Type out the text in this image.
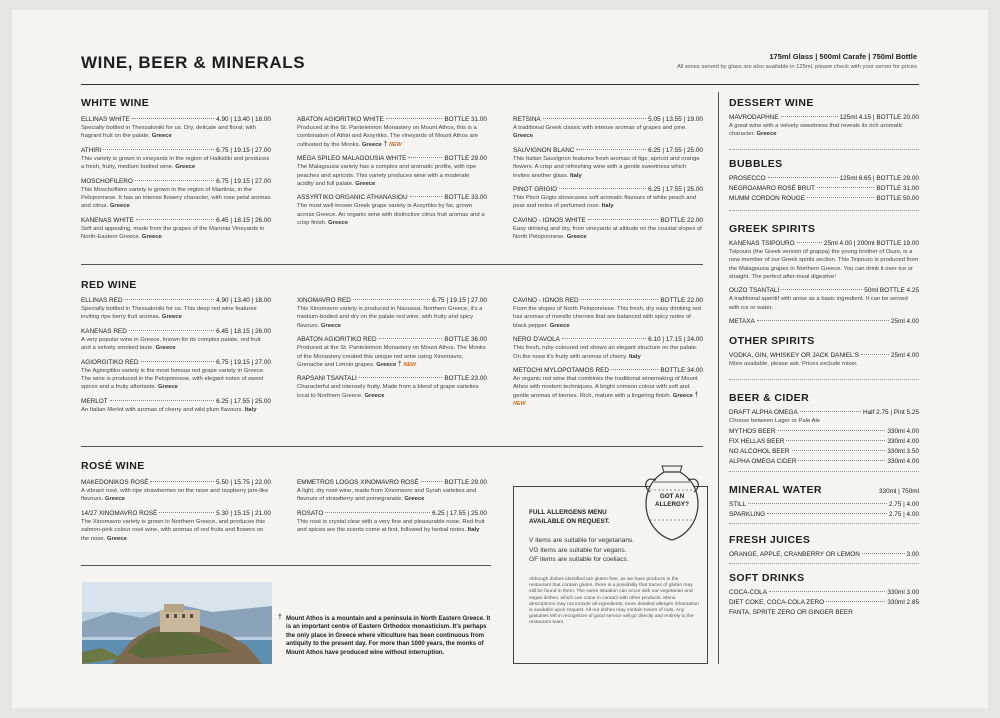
WINE, BEER & MINERALS	175ml Glass | 500ml Carafe | 750ml Bottle
All wines served by glass are also available in 125ml, please check with your server for prices
WHITE WINE
ELLINAS WHITE	4.90 | 13.40 | 18.00
Specially bottled in Thessaloniki for us. Dry, delicate and floral, with fragrant fruit on the palate. Greece
ATHIRI	6.75 | 19.15 | 27.00
This variety is grown in vineyards in the region of Halkidiki and produces a fresh, fruity, medium bodied wine. Greece
MOSCHOFILERO	6.75 | 19.15 | 27.00
This Moschofilero variety is grown in the region of Mantinia, in the Peloponnese. It has an intense flowery character, with rose petal aromas and citrus. Greece
KANENAS WHITE	6.45 | 18.15 | 26.00
Soft and appealing, made from the grapes of the Maronia Vineyards in North-Eastern Greece. Greece
ABATON AGIORITIKO WHITE	BOTTLE 31.00
Produced at the St. Panteleimon Monastery on Mount Athos, this is a combination of Athiri and Assyrtiko. The vineyards of Mount Athos are cultivated by the Monks. Greece † NEW
MEGA SPILEO MALAGOUSIA WHITE	BOTTLE 29.00
The Malagousia variety has a complex and aromatic profile, with ripe peaches and apricots. This variety produces wine with a moderate acidity and full palate. Greece
ASSYRTIKO ORGANIC ATHANASIOU	BOTTLE 33.00
The most well-known Greek grape variety is Assyrtiko by far, grown across Greece. An organic wine with distinctive citrus fruit aromas and a crisp finish. Greece
RETSINA	5.05 | 13.55 | 19.00
A traditional Greek classic with intense aromas of grapes and pine. Greece
SAUVIGNON BLANC	6.25 | 17.55 | 25.00
This Italian Sauvignon features fresh aromas of figs, apricot and orange flowers. A crisp and refreshing wine with a gentle sweetness which invites another glass. Italy
PINOT GRIGIO	6.25 | 17.55 | 25.00
This Pinot Grigio showcases soft aromatic flavours of white peach and pear and notes of perfumed rose. Italy
CAVINO - IONOS WHITE	BOTTLE 22.00
Easy drinking and dry, from vineyards at altitude on the coastal slopes of North Peloponnese. Greece
RED WINE
ELLINAS RED	4.90 | 13.40 | 18.00
Specially bottled in Thessaloniki for us. This deep red wine features inviting ripe berry fruit aromas. Greece
KANENAS RED	6.45 | 18.15 | 26.00
A very popular wine in Greece, known for its complex palate, red fruit and a velvety smoked taste. Greece
AGIORGITIKO RED	6.75 | 19.15 | 27.00
The Agiorgitiko variety is the most famous red grape variety in Greece. The wine is produced in the Peloponnese, with elegant notes of sweet spices and a fruity aftertaste. Greece
MERLOT	6.25 | 17.55 | 25.00
An Italian Merlot with aromas of cherry and wild plum flavours. Italy
XINOMAVRO RED	6.75 | 19.15 | 27.00
This Xinomavro variety is produced in Naoussa, Northern Greece, it's a medium-bodied and dry on the palate red wine, with fruity and spicy flavours. Greece
ABATON AGIORITIKO RED	BOTTLE 36.00
Produced at the St. Panteleimon Monastery on Mount Athos. The Monks of the Monastery created this unique red wine using Xinomavro, Grenache and Limnio grapes. Greece † NEW
RAPSANI TSANTALI	BOTTLE 23.00
Characterful and intensely fruity. Made from a blend of grape varieties local to Northern Greece. Greece
CAVINO - IONOS RED	BOTTLE 22.00
From the slopes of North Peloponnese. This fresh, dry easy drinking red has aromas of morello cherries that are balanced with spicy notes of black pepper. Greece
NERO D'AVOLA	6.10 | 17.15 | 24.00
This fresh, ruby-coloured red shows an elegant structure on the palate. On the nose it's fruity with aromas of cherry. Italy
METOCHI MYLOPOTAMOS RED	BOTTLE 34.00
An organic red wine that combines the traditional winemaking of Mount Athos with modern techniques. A bright crimson colour with soft and gentle aromas of berries. Rich, mature with a lingering finish. Greece † NEW
ROSÉ WINE
MAKEDONIKOS ROSÉ	5.50 | 15.75 | 22.00
A vibrant rosé, with ripe strawberries on the nose and raspberry jam-like flavours. Greece
14/27 XINOMAVRO ROSÉ	5.30 | 15.15 | 21.00
The Xinomavro variety is grown in Northern Greece, and produces this salmon-pink colour rosé wine, with aromas of red fruits and flowers on the nose. Greece
EMMETROS LOGOS XINOMAVRO ROSÉ	BOTTLE 29.00
A light, dry rosé wine, made from Xinomavro and Syrah varieties and flavours of strawberry and pomegranate. Greece
ROSATO	6.25 | 17.55 | 25.00
This rosé is crystal clear with a very fine and pleasurable nose. Red fruit and spices are the scents come at first, followed by herbal notes. Italy
† Mount Athos is a mountain and a peninsula in North Eastern Greece. It is an important centre of Eastern Orthodox monasticism. It's perhaps the only place in Greece where viticulture has been continuous from antiquity to the present day. For more than 1000 years, the monks of Mount Athos have produced wine without interruption.
FULL ALLERGENS MENU
AVAILABLE ON REQUEST.
V items are suitable for vegetarians.
VG items are suitable for vegans.
GF items are suitable for coeliacs.
Although dishes identified are gluten free, as we have products in the restaurant that contain gluten, there is a possibility that traces of gluten may still be found in them. The same situation can occur with our vegetarian and vegan dishes, which can come in contact with other products. Menu descriptions may not include all ingredients; more detailed allergen information is available upon request. All our dishes may contain traces of nuts. Any gratuities left in recognition of good service will go directly and entirely to the restaurant team.
GOT AN
ALLERGY?
DESSERT WINE
MAVRODAPHNE	125ml 4.15 | BOTTLE 20.00
A great wine with a velvety sweetness that reveals its rich aromatic character. Greece
BUBBLES
PROSECCO	125ml 6.65 | BOTTLE 29.00
NEGROAMARO ROSÉ BRUT	BOTTLE 31.00
MUMM CORDON ROUGE	BOTTLE 50.00
GREEK SPIRITS
KANENAS TSIPOURO	25ml 4.00 | 200ml BOTTLE 19.00
Tsipouro (the Greek version of grappa) the young brother of Ouzo, is a new member of our Greek spirits section. This Tsipouro is produced from the Malagousia grapes in Northern Greece. You can drink it over-ice or straight. The perfect after-meal digestive!
OUZO TSANTALI	50ml BOTTLE 4.25
A traditional aperitif with anise as a basic ingredient. It can be served with ice or water.
METAXA	25ml 4.00
OTHER SPIRITS
VODKA, GIN, WHISKEY OR JACK DANIEL'S	25ml 4.00
More available, please ask. Prices exclude mixer.
BEER & CIDER
DRAFT ALPHA OMEGA	Half 2.75 | Pint 5.25
Choose between Lager or Pale Ale
MYTHOS BEER	330ml 4.00
FIX HELLAS BEER	330ml 4.00
NO ALCOHOL BEER	330ml 3.50
ALPHA OMEGA CIDER	330ml 4.00
MINERAL WATER	330ml | 750ml
STILL	2.75 | 4.00
SPARKLING	2.75 | 4.00
FRESH JUICES
ORANGE, APPLE, CRANBERRY OR LEMON	3.00
SOFT DRINKS
COCA-COLA	330ml 3.00
DIET COKE, COCA-COLA ZERO	330ml 2.85
FANTA, SPRITE ZERO OR GINGER BEER
